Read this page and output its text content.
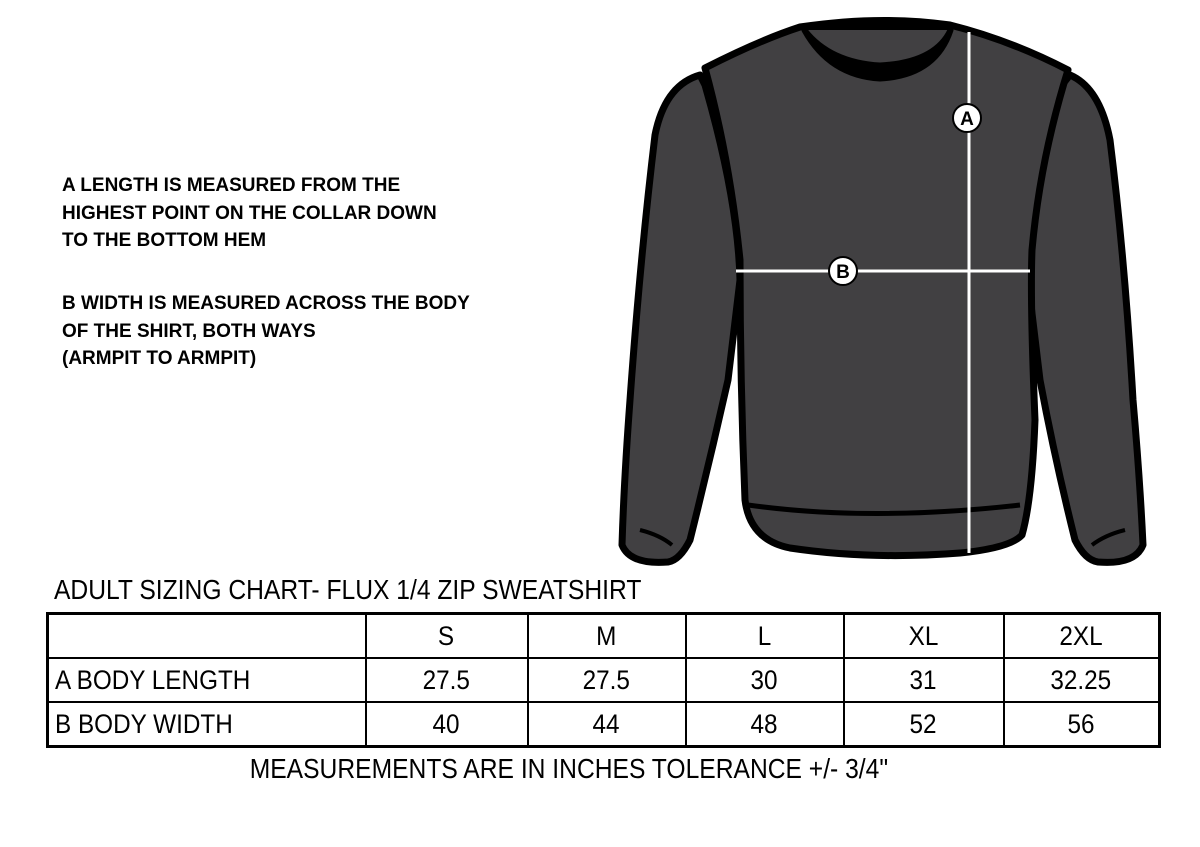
A LENGTH IS MEASURED FROM THE
HIGHEST POINT ON THE COLLAR DOWN
TO THE BOTTOM HEM
B WIDTH IS MEASURED ACROSS THE BODY
OF THE SHIRT, BOTH WAYS
(ARMPIT TO ARMPIT)
A
B
ADULT SIZING CHART- FLUX 1/4 ZIP SWEATSHIRT
	S	M	L	XL	2XL
A BODY LENGTH	27.5	27.5	30	31	32.25
B BODY WIDTH	40	44	48	52	56
MEASUREMENTS ARE IN INCHES TOLERANCE +/- 3/4"
